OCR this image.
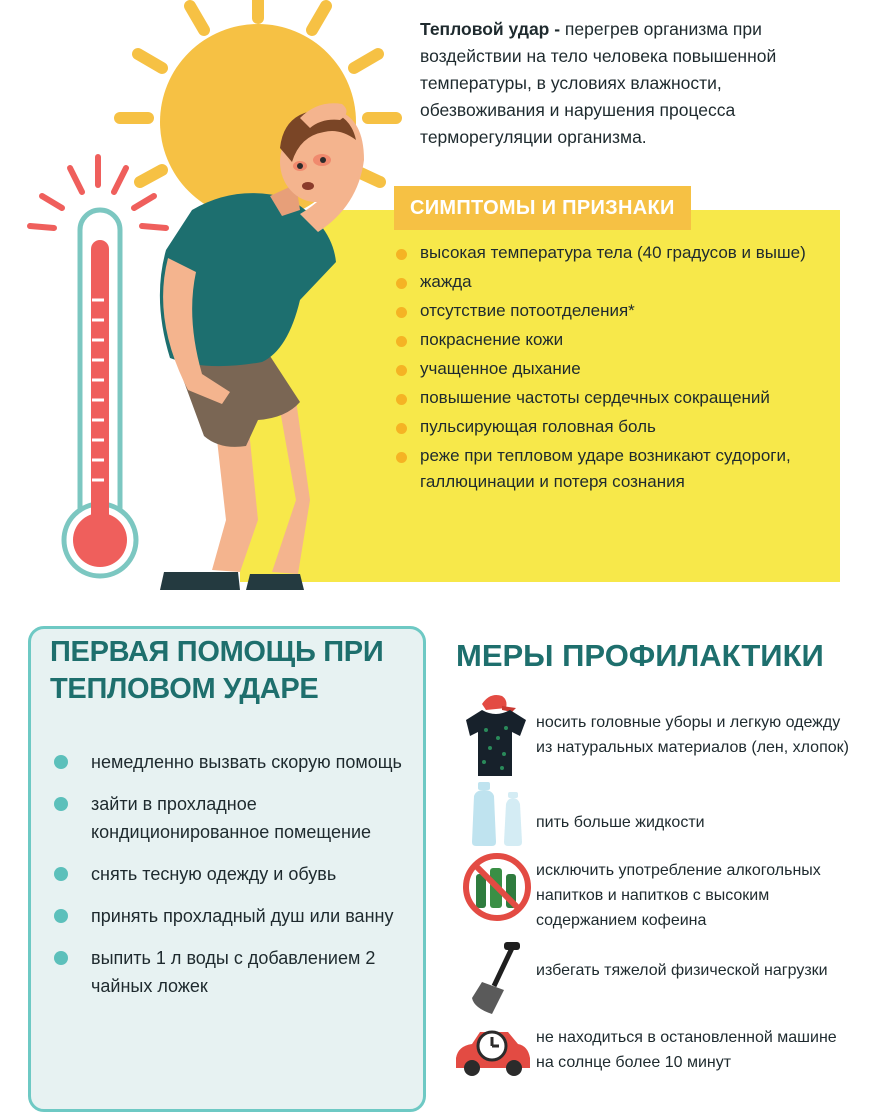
Тепловой удар - перегрев организма при воздействии на тело человека повышенной температуры, в условиях влажности, обезвоживания и нарушения процесса терморегуляции организма.
СИМПТОМЫ И ПРИЗНАКИ
высокая температура тела (40 градусов и выше)
жажда
отсутствие потоотделения*
покраснение кожи
учащенное дыхание
повышение частоты сердечных сокращений
пульсирующая головная боль
реже при тепловом ударе возникают судороги, галлюцинации и потеря сознания
ПЕРВАЯ ПОМОЩЬ ПРИ ТЕПЛОВОМ УДАРЕ
немедленно вызвать скорую помощь
зайти в прохладное кондиционированное помещение
снять тесную одежду и обувь
принять прохладный душ или ванну
выпить 1 л воды с добавлением 2 чайных ложек
МЕРЫ ПРОФИЛАКТИКИ
носить головные уборы и легкую одежду из натуральных материалов (лен, хлопок)
пить больше жидкости
исключить употребление алкогольных напитков и напитков с высоким содержанием кофеина
избегать тяжелой физической нагрузки
не находиться в остановленной машине на солнце более 10 минут
